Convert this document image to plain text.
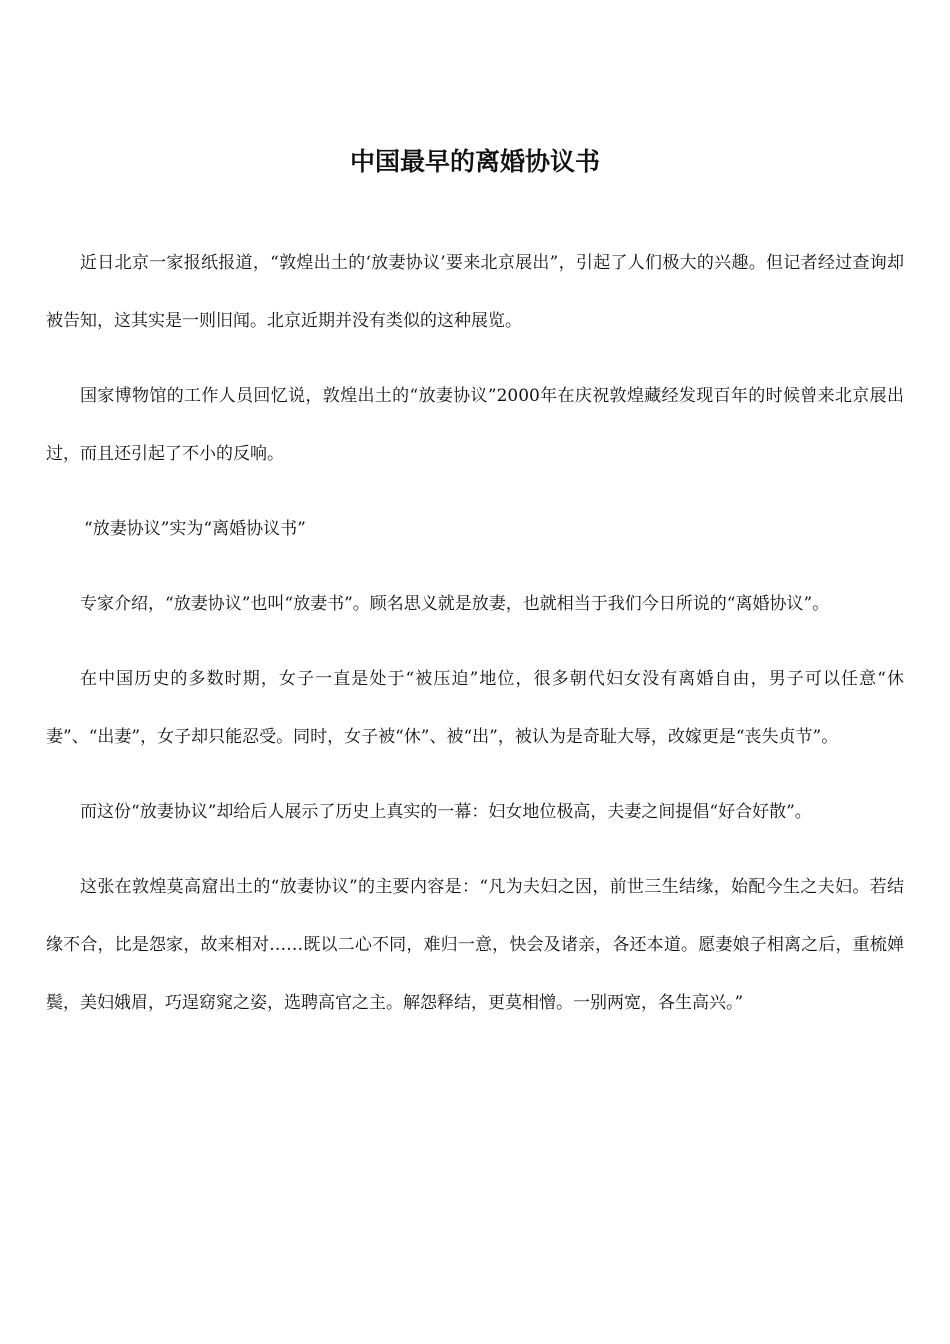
中国最早的离婚协议书

近日北京一家报纸报道，“敦煌出土的‘放妻协议’要来北京展出”，引起了人们极大的兴趣。但记者经过查询却被告知，这其实是一则旧闻。北京近期并没有类似的这种展览。

国家博物馆的工作人员回忆说，敦煌出土的“放妻协议”2000年在庆祝敦煌藏经发现百年的时候曾来北京展出过，而且还引起了不小的反响。

“放妻协议”实为“离婚协议书”

专家介绍，“放妻协议”也叫“放妻书”。顾名思义就是放妻，也就相当于我们今日所说的“离婚协议”。

在中国历史的多数时期，女子一直是处于“被压迫”地位，很多朝代妇女没有离婚自由，男子可以任意“休妻”、“出妻”，女子却只能忍受。同时，女子被“休”、被“出”，被认为是奇耻大辱，改嫁更是“丧失贞节”。

而这份“放妻协议”却给后人展示了历史上真实的一幕：妇女地位极高，夫妻之间提倡“好合好散”。

这张在敦煌莫高窟出土的“放妻协议”的主要内容是：“凡为夫妇之因，前世三生结缘，始配今生之夫妇。若结缘不合，比是怨家，故来相对……既以二心不同，难归一意，快会及诸亲，各还本道。愿妻娘子相离之后，重梳婵鬓，美妇娥眉，巧逞窈窕之姿，选聘高官之主。解怨释结，更莫相憎。一别两宽，各生高兴。”
